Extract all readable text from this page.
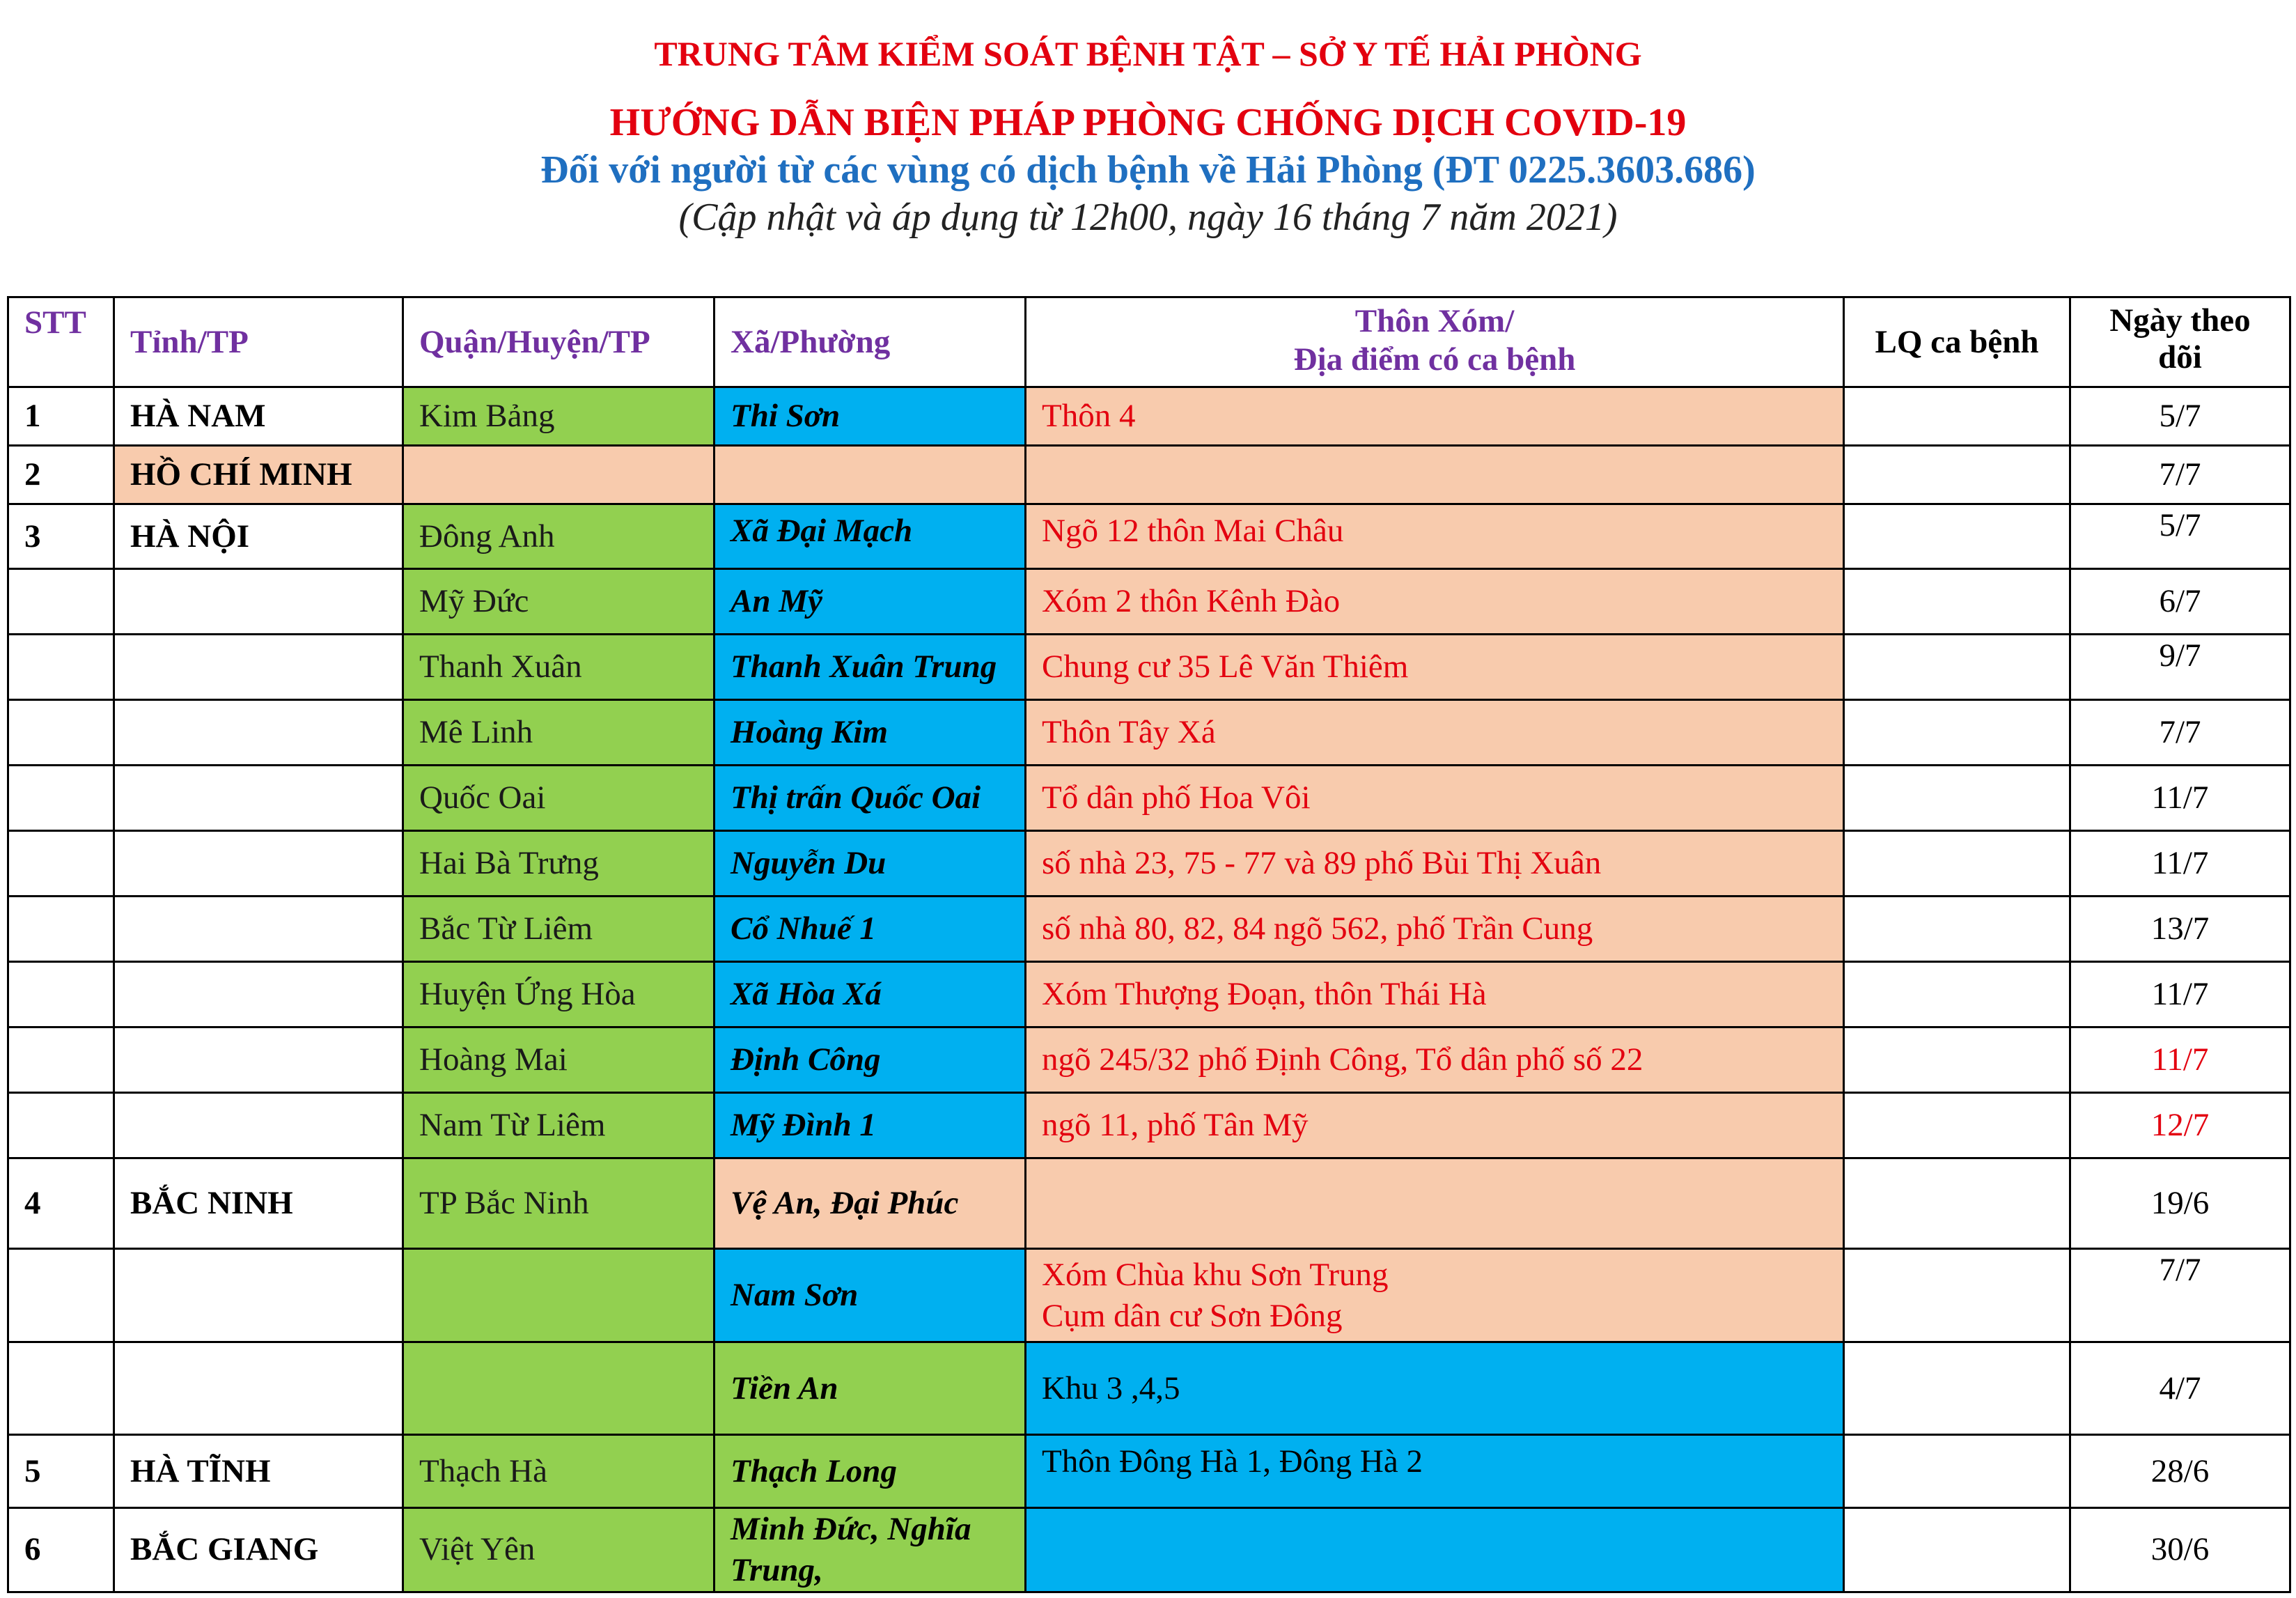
TRUNG TÂM KIỂM SOÁT BỆNH TẬT – SỞ Y TẾ HẢI PHÒNG
HƯỚNG DẪN BIỆN PHÁP PHÒNG CHỐNG DỊCH COVID-19
Đối với người từ các vùng có dịch bệnh về Hải Phòng (ĐT 0225.3603.686)
(Cập nhật và áp dụng từ 12h00, ngày 16 tháng 7 năm 2021)
STT	Tỉnh/TP	Quận/Huyện/TP	Xã/Phường	Thôn Xóm/
Địa điểm có ca bệnh	LQ ca bệnh	Ngày theo
dõi
1	HÀ NAM	Kim Bảng	Thi Sơn	Thôn 4		5/7
2	HỒ CHÍ MINH					7/7
3	HÀ NỘI	Đông Anh	Xã Đại Mạch	Ngõ 12 thôn Mai Châu		5/7
		Mỹ Đức	An Mỹ	Xóm 2 thôn Kênh Đào		6/7
		Thanh Xuân	Thanh Xuân Trung	Chung cư 35 Lê Văn Thiêm		9/7
		Mê Linh	Hoàng Kim	Thôn Tây Xá		7/7
		Quốc Oai	Thị trấn Quốc Oai	Tổ dân phố Hoa Vôi		11/7
		Hai Bà Trưng	Nguyễn Du	số nhà 23, 75 - 77 và 89 phố Bùi Thị Xuân		11/7
		Bắc Từ Liêm	Cổ Nhuế 1	số nhà 80, 82, 84 ngõ 562, phố Trần Cung		13/7
		Huyện Ứng Hòa	Xã Hòa Xá	Xóm Thượng Đoạn, thôn Thái Hà		11/7
		Hoàng Mai	Định Công	ngõ 245/32 phố Định Công, Tổ dân phố số 22		11/7
		Nam Từ Liêm	Mỹ Đình 1	ngõ 11, phố Tân Mỹ		12/7
4	BẮC NINH	TP Bắc Ninh	Vệ An, Đại Phúc			19/6
			Nam Sơn	Xóm Chùa khu Sơn Trung
Cụm dân cư Sơn Đông		7/7
			Tiền An	Khu 3 ,4,5		4/7
5	HÀ TĨNH	Thạch Hà	Thạch Long	Thôn Đông Hà 1, Đông Hà 2		28/6
6	BẮC GIANG	Việt Yên	Minh Đức, Nghĩa Trung,			30/6
